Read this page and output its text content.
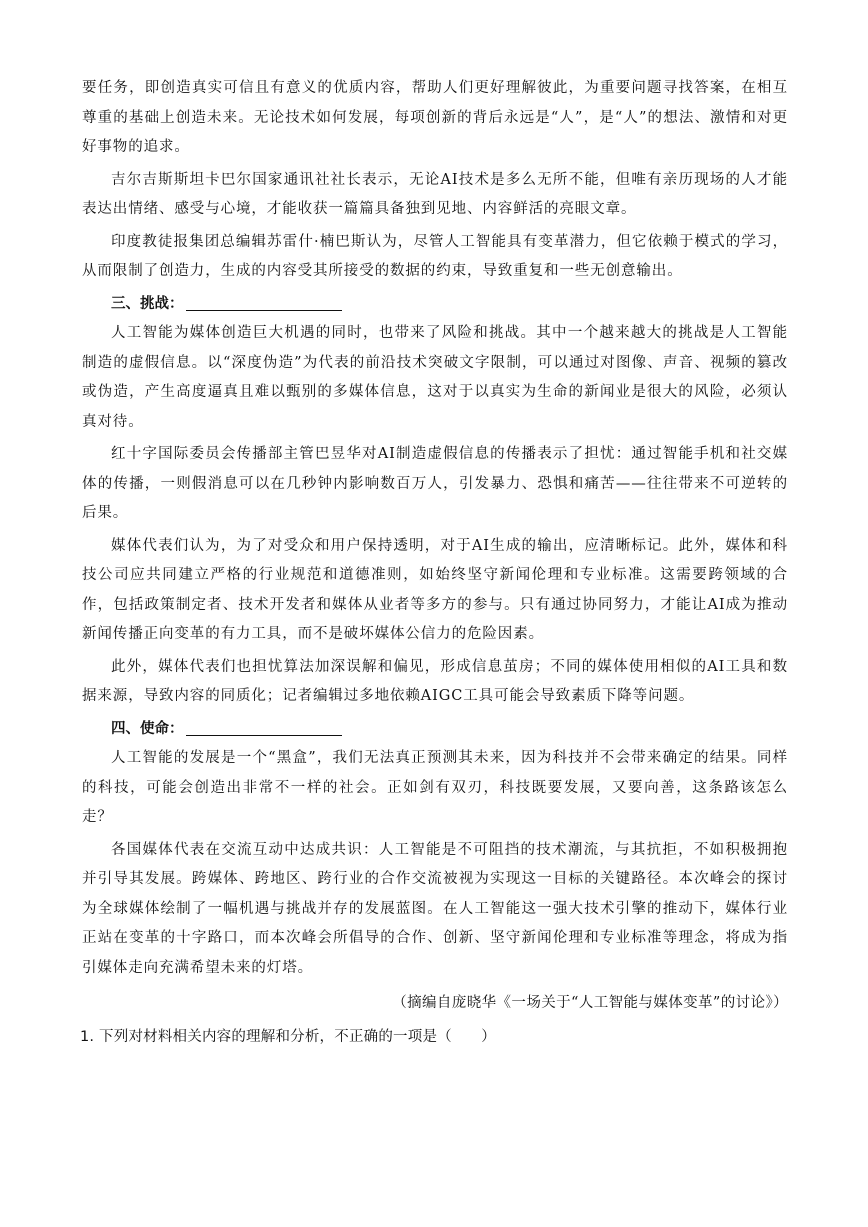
要任务，即创造真实可信且有意义的优质内容，帮助人们更好理解彼此，为重要问题寻找答案，在相互尊重的基础上创造未来。无论技术如何发展，每项创新的背后永远是“人”，是“人”的想法、激情和对更好事物的追求。

吉尔吉斯斯坦卡巴尔国家通讯社社长表示，无论AI技术是多么无所不能，但唯有亲历现场的人才能表达出情绪、感受与心境，才能收获一篇篇具备独到见地、内容鲜活的亮眼文章。

印度教徒报集团总编辑苏雷什·楠巴斯认为，尽管人工智能具有变革潜力，但它依赖于模式的学习，从而限制了创造力，生成的内容受其所接受的数据的约束，导致重复和一些无创意输出。

三、挑战：

人工智能为媒体创造巨大机遇的同时，也带来了风险和挑战。其中一个越来越大的挑战是人工智能制造的虚假信息。以“深度伪造”为代表的前沿技术突破文字限制，可以通过对图像、声音、视频的篡改或伪造，产生高度逼真且难以甄别的多媒体信息，这对于以真实为生命的新闻业是很大的风险，必须认真对待。

红十字国际委员会传播部主管巴昱华对AI制造虚假信息的传播表示了担忧：通过智能手机和社交媒体的传播，一则假消息可以在几秒钟内影响数百万人，引发暴力、恐惧和痛苦——往往带来不可逆转的后果。

媒体代表们认为，为了对受众和用户保持透明，对于AI生成的输出，应清晰标记。此外，媒体和科技公司应共同建立严格的行业规范和道德准则，如始终坚守新闻伦理和专业标准。这需要跨领域的合作，包括政策制定者、技术开发者和媒体从业者等多方的参与。只有通过协同努力，才能让AI成为推动新闻传播正向变革的有力工具，而不是破坏媒体公信力的危险因素。

此外，媒体代表们也担忧算法加深误解和偏见，形成信息茧房；不同的媒体使用相似的AI工具和数据来源，导致内容的同质化；记者编辑过多地依赖AIGC工具可能会导致素质下降等问题。

四、使命：

人工智能的发展是一个“黑盒”，我们无法真正预测其未来，因为科技并不会带来确定的结果。同样的科技，可能会创造出非常不一样的社会。正如剑有双刃，科技既要发展，又要向善，这条路该怎么走？

各国媒体代表在交流互动中达成共识：人工智能是不可阻挡的技术潮流，与其抗拒，不如积极拥抱并引导其发展。跨媒体、跨地区、跨行业的合作交流被视为实现这一目标的关键路径。本次峰会的探讨为全球媒体绘制了一幅机遇与挑战并存的发展蓝图。在人工智能这一强大技术引擎的推动下，媒体行业正站在变革的十字路口，而本次峰会所倡导的合作、创新、坚守新闻伦理和专业标准等理念，将成为指引媒体走向充满希望未来的灯塔。

（摘编自庞晓华《一场关于“人工智能与媒体变革”的讨论》）

1. 下列对材料相关内容的理解和分析，不正确的一项是（　　）
